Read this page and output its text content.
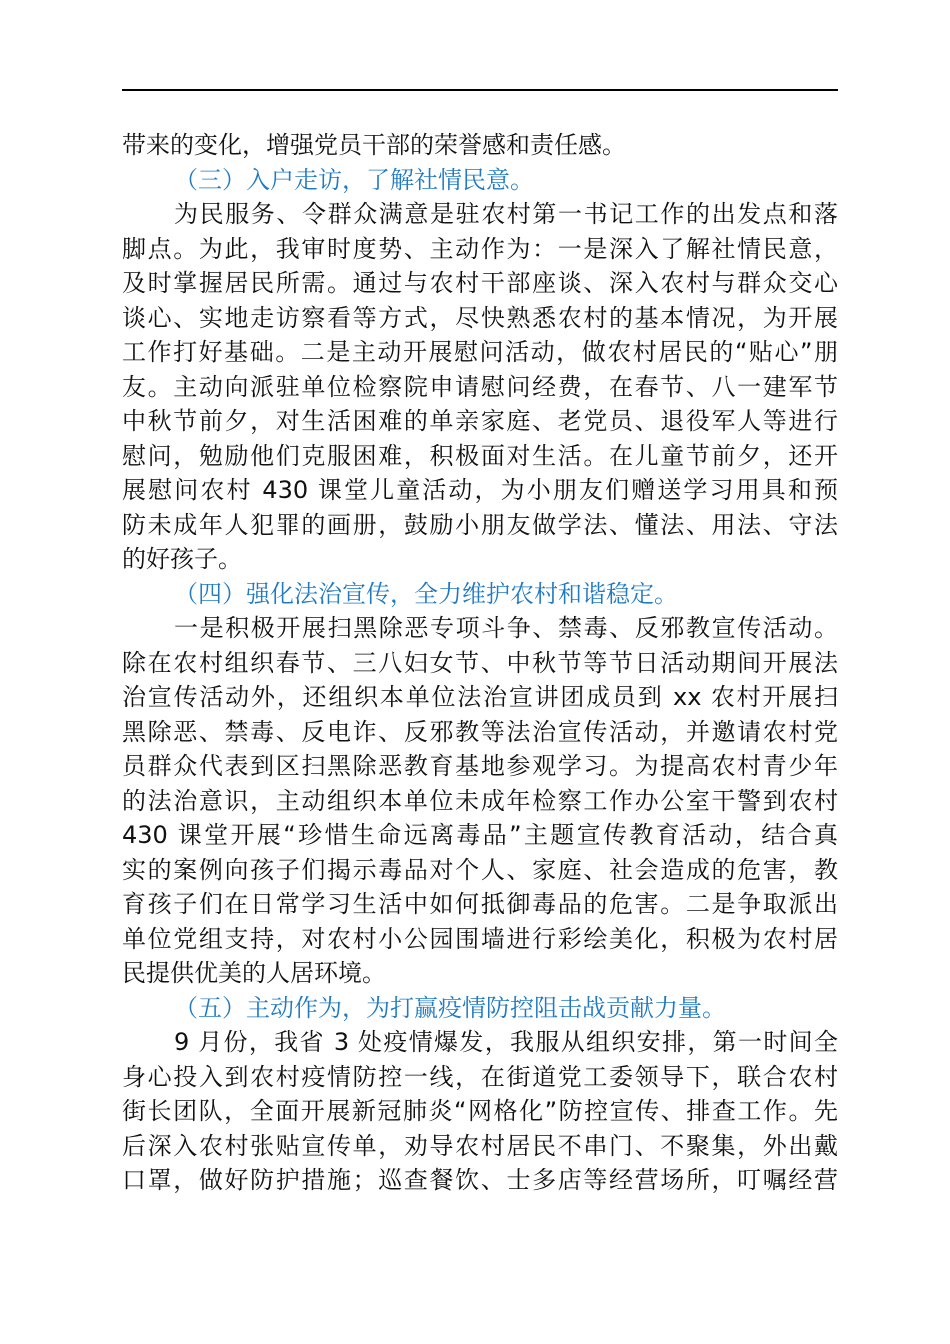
带来的变化，增强党员干部的荣誉感和责任感。
（三）入户走访，了解社情民意。
为民服务、令群众满意是驻农村第一书记工作的出发点和落
脚点。为此，我审时度势、主动作为：一是深入了解社情民意，
及时掌握居民所需。通过与农村干部座谈、深入农村与群众交心
谈心、实地走访察看等方式，尽快熟悉农村的基本情况，为开展
工作打好基础。二是主动开展慰问活动，做农村居民的“贴心”朋
友。主动向派驻单位检察院申请慰问经费，在春节、八一建军节
中秋节前夕，对生活困难的单亲家庭、老党员、退役军人等进行
慰问，勉励他们克服困难，积极面对生活。在儿童节前夕，还开
展慰问农村 430 课堂儿童活动，为小朋友们赠送学习用具和预
防未成年人犯罪的画册，鼓励小朋友做学法、懂法、用法、守法
的好孩子。
（四）强化法治宣传，全力维护农村和谐稳定。
一是积极开展扫黑除恶专项斗争、禁毒、反邪教宣传活动。
除在农村组织春节、三八妇女节、中秋节等节日活动期间开展法
治宣传活动外，还组织本单位法治宣讲团成员到 xx 农村开展扫
黑除恶、禁毒、反电诈、反邪教等法治宣传活动，并邀请农村党
员群众代表到区扫黑除恶教育基地参观学习。为提高农村青少年
的法治意识，主动组织本单位未成年检察工作办公室干警到农村
430 课堂开展“珍惜生命远离毒品”主题宣传教育活动，结合真
实的案例向孩子们揭示毒品对个人、家庭、社会造成的危害，教
育孩子们在日常学习生活中如何抵御毒品的危害。二是争取派出
单位党组支持，对农村小公园围墙进行彩绘美化，积极为农村居
民提供优美的人居环境。
（五）主动作为，为打赢疫情防控阻击战贡献力量。
9 月份，我省 3 处疫情爆发，我服从组织安排，第一时间全
身心投入到农村疫情防控一线，在街道党工委领导下，联合农村
街长团队，全面开展新冠肺炎“网格化”防控宣传、排查工作。先
后深入农村张贴宣传单，劝导农村居民不串门、不聚集，外出戴
口罩，做好防护措施；巡查餐饮、士多店等经营场所，叮嘱经营
